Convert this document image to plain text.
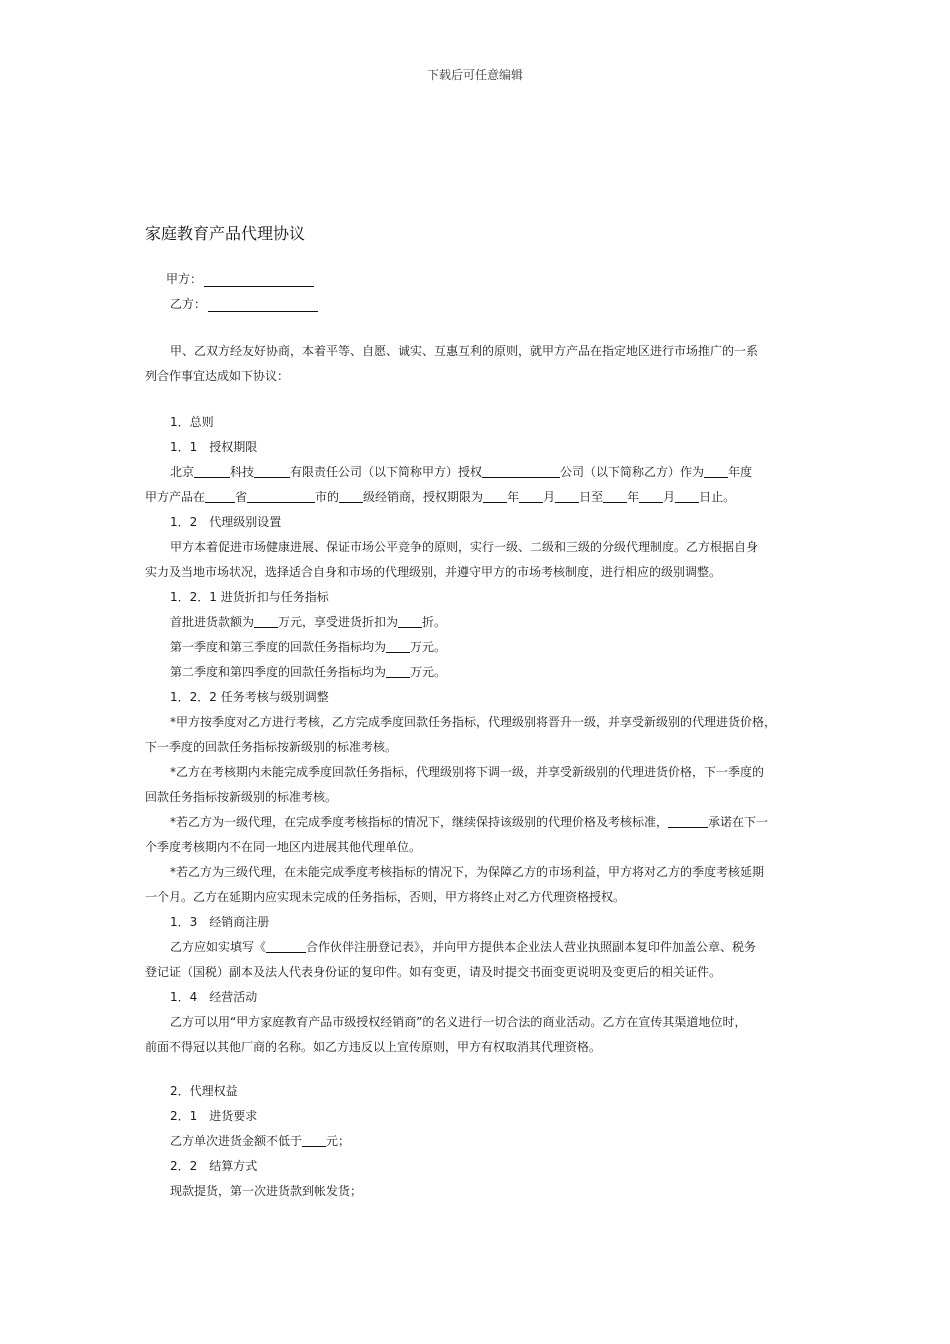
下载后可任意编辑
家庭教育产品代理协议
甲方：
乙方：

甲、乙双方经友好协商，本着平等、自愿、诚实、互惠互利的原则，就甲方产品在指定地区进行市场推广的一系

列合作事宜达成如下协议：

1．总则

1．1　授权期限

北京	科技	有限责任公司（以下简称甲方）授权	公司（以下简称乙方）作为 年度

甲方产品在	省	市的 级经销商，授权期限为 年 月 日至 年 月 日止。

1．2　代理级别设置

甲方本着促进市场健康进展、保证市场公平竞争的原则，实行一级、二级和三级的分级代理制度。乙方根据自身

实力及当地市场状况，选择适合自身和市场的代理级别，并遵守甲方的市场考核制度，进行相应的级别调整。

1．2．1 进货折扣与任务指标

首批进货款额为 万元，享受进货折扣为 折。

第一季度和第三季度的回款任务指标均为 万元。

第二季度和第四季度的回款任务指标均为 万元。

1．2．2 任务考核与级别调整

*甲方按季度对乙方进行考核，乙方完成季度回款任务指标，代理级别将晋升一级，并享受新级别的代理进货价格，

下一季度的回款任务指标按新级别的标准考核。

*乙方在考核期内未能完成季度回款任务指标，代理级别将下调一级，并享受新级别的代理进货价格，下一季度的

回款任务指标按新级别的标准考核。

*若乙方为一级代理，在完成季度考核指标的情况下，继续保持该级别的代理价格及考核标准，	承诺在下一

个季度考核期内不在同一地区内进展其他代理单位。

*若乙方为三级代理，在未能完成季度考核指标的情况下，为保障乙方的市场利益，甲方将对乙方的季度考核延期

一个月。乙方在延期内应实现未完成的任务指标，否则，甲方将终止对乙方代理资格授权。

1．3　经销商注册

乙方应如实填写《	合作伙伴注册登记表》，并向甲方提供本企业法人营业执照副本复印件加盖公章、税务

登记证（国税）副本及法人代表身份证的复印件。如有变更，请及时提交书面变更说明及变更后的相关证件。

1．4　经营活动

乙方可以用“甲方家庭教育产品市级授权经销商”的名义进行一切合法的商业活动。乙方在宣传其渠道地位时，

前面不得冠以其他厂商的名称。如乙方违反以上宣传原则，甲方有权取消其代理资格。

2．代理权益

2．1　进货要求

乙方单次进货金额不低于 元；

2．2　结算方式

现款提货，第一次进货款到帐发货；
